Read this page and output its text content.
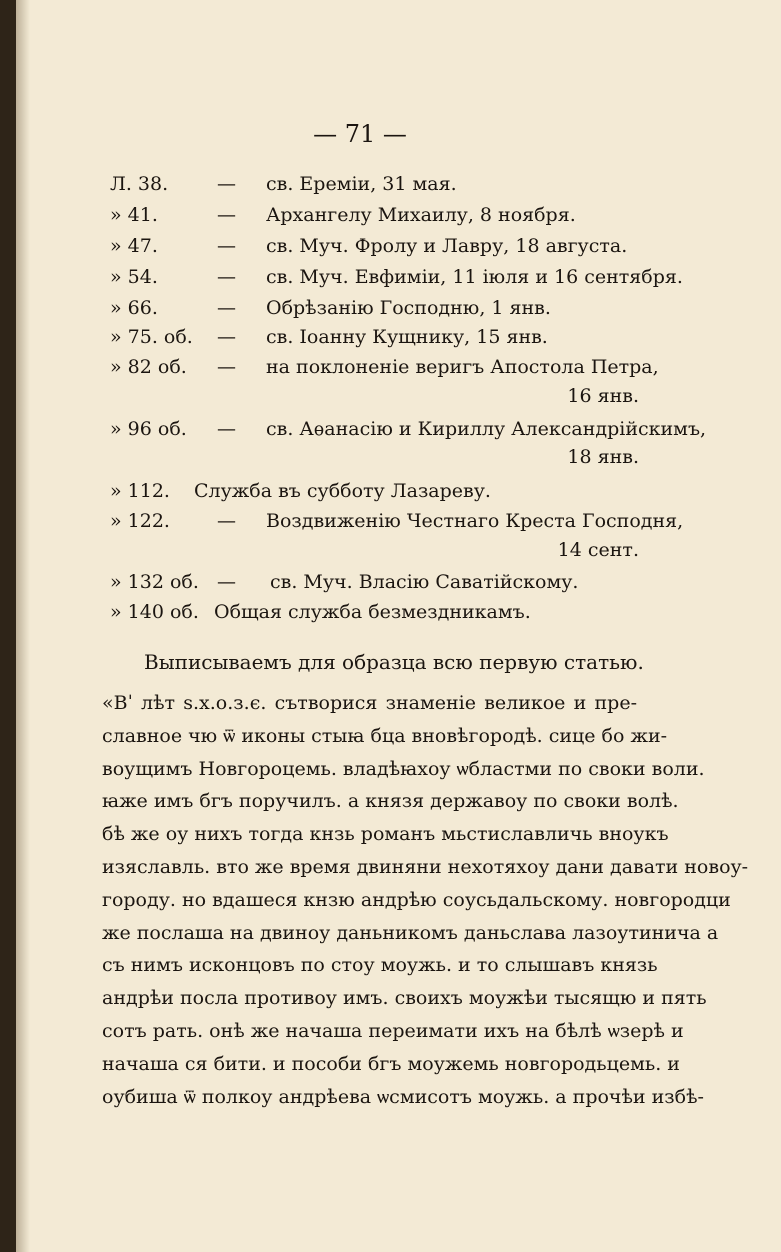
— 71 —
Л. 38.	— св. Ереміи, 31 мая.
» 41.	— Архангелу Михаилу, 8 ноября.
» 47.	— св. Муч. Фролу и Лавру, 18 августа.
» 54.	— св. Муч. Евфиміи, 11 іюля и 16 сентября.
» 66.	— Обрѣзанію Господню, 1 янв.
» 75. об. — св. Іоанну Кущнику, 15 янв.
» 82 об. — на поклоненіе веригъ Апостола Петра,
16 янв.
» 96 об. — св. Аѳанасію и Кириллу Александрійскимъ,
18 янв.
» 112. Служба въ субботу Лазареву.
» 122. — Воздвиженію Честнаго Креста Господня,
14 сент.
» 132 об. — св. Муч. Власію Саватійскому.
» 140 об. Общая служба безмездникамъ.
Выписываемъ для образца всю первую статью.
«Вˈ лѣт ѕ.х.о.з.є. сътворися знаменіе великое и пре-
славное чю ѿ иконы стыꙗ бца вновѣгородѣ. сице бо жи-
воущимъ Новгороцемь. владѣꙗхоу ѡбластми по своки воли.
ꙗже имъ бгъ поручилъ. а князя державоу по своки волѣ.
бѣ же оу нихъ тогда кнзь романъ мьстиславличь вноукъ
изяславль. вто же время двиняни нехотяхоу дани давати новоу-
городу. но вдашеся кнзю андрѣю соусьдальскому. новгородци
же послаша на двиноу даньникомъ даньслава лазоутинича а
съ нимъ исконцовъ по стоу моужь. и то слышавъ князь
андрѣи посла противоу имъ. своихъ моужѣи тысящю и пять
сотъ рать. онѣ же начаша переимати ихъ на бѣлѣ ѡзерѣ и
начаша ся бити. и пособи бгъ моужемь новгородьцемь. и
оубиша ѿ полкоу андрѣева ѡсмисотъ моужь. а прочѣи избѣ-
